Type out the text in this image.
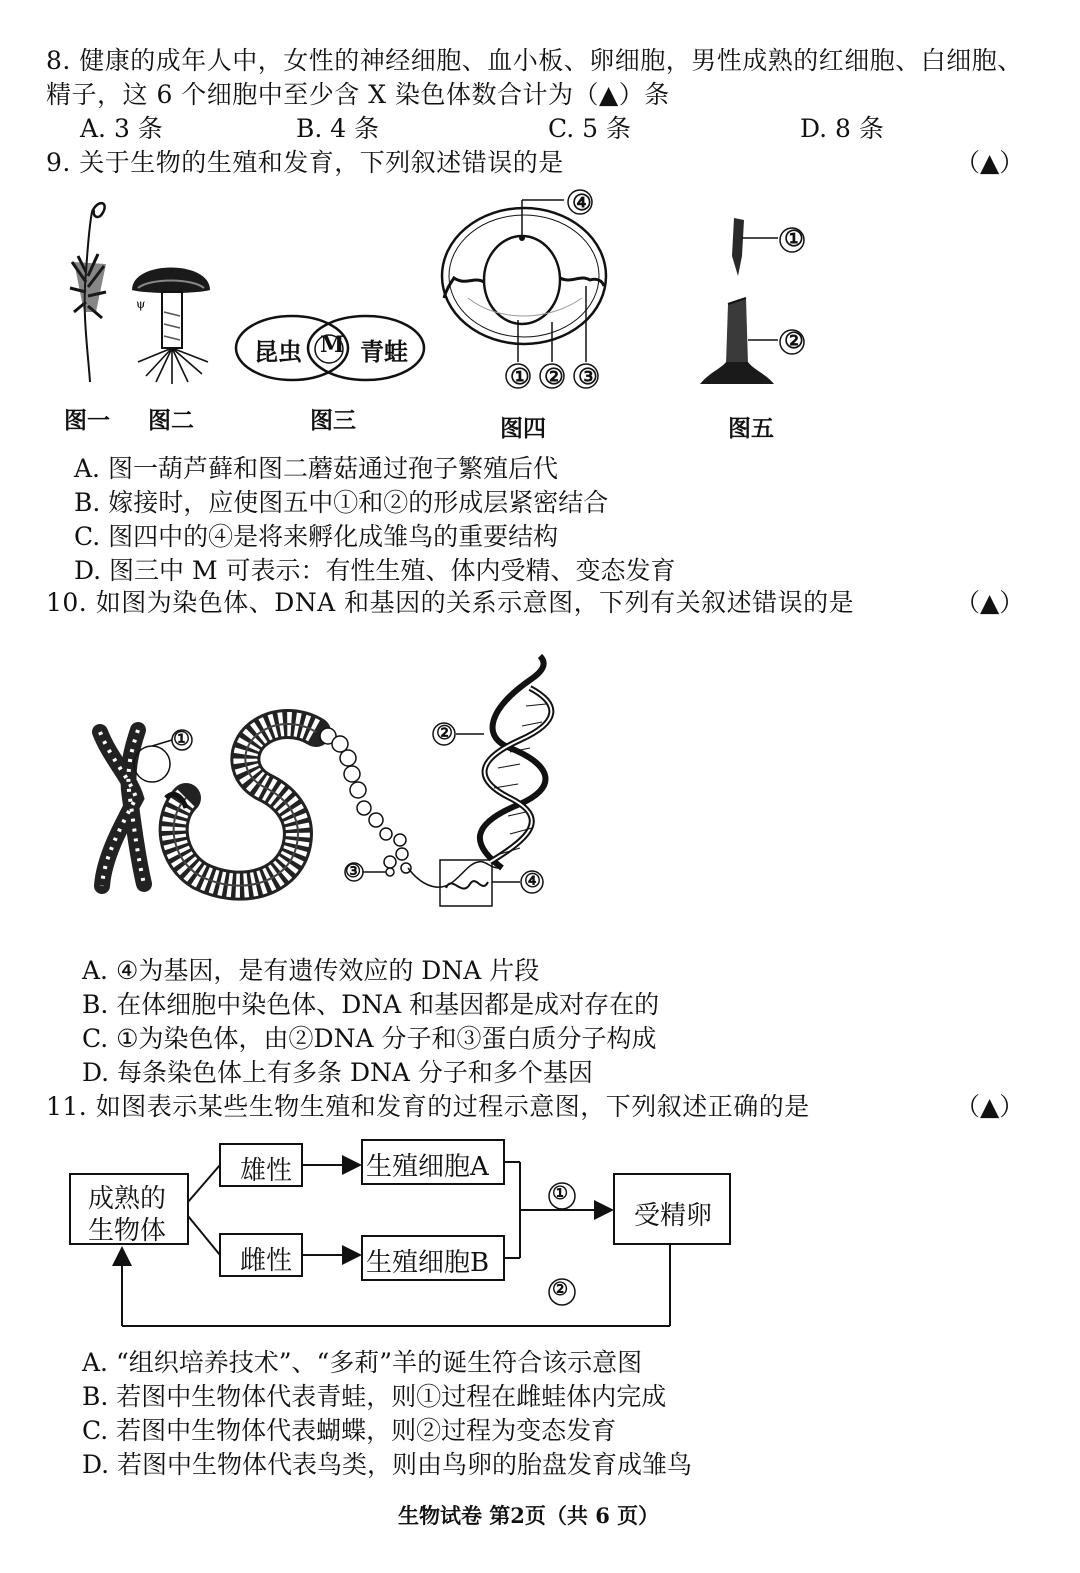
8. 健康的成年人中，女性的神经细胞、血小板、卵细胞，男性成熟的红细胞、白细胞、
精子，这 6 个细胞中至少含 X 染色体数合计为（▲）条
A. 3 条	B. 4 条	C. 5 条	D. 8 条
9. 关于生物的生殖和发育，下列叙述错误的是	（▲）
图一
ψ
图二
昆虫 M 青蛙
图三
④
① ② ③
图四
①
②
图五
A. 图一葫芦藓和图二蘑菇通过孢子繁殖后代
B. 嫁接时，应使图五中①和②的形成层紧密结合
C. 图四中的④是将来孵化成雏鸟的重要结构
D. 图三中 M 可表示：有性生殖、体内受精、变态发育
10. 如图为染色体、DNA 和基因的关系示意图，下列有关叙述错误的是	（▲）
①	②
③	④
A. ④为基因，是有遗传效应的 DNA 片段
B. 在体细胞中染色体、DNA 和基因都是成对存在的
C. ①为染色体，由②DNA 分子和③蛋白质分子构成
D. 每条染色体上有多条 DNA 分子和多个基因
11. 如图表示某些生物生殖和发育的过程示意图，下列叙述正确的是	（▲）
成熟的
生物体
雄性
雌性
生殖细胞A
生殖细胞B
受精卵
①
②
A. “组织培养技术”、“多莉”羊的诞生符合该示意图
B. 若图中生物体代表青蛙，则①过程在雌蛙体内完成
C. 若图中生物体代表蝴蝶，则②过程为变态发育
D. 若图中生物体代表鸟类，则由鸟卵的胎盘发育成雏鸟
生物试卷 第2页（共 6 页）
